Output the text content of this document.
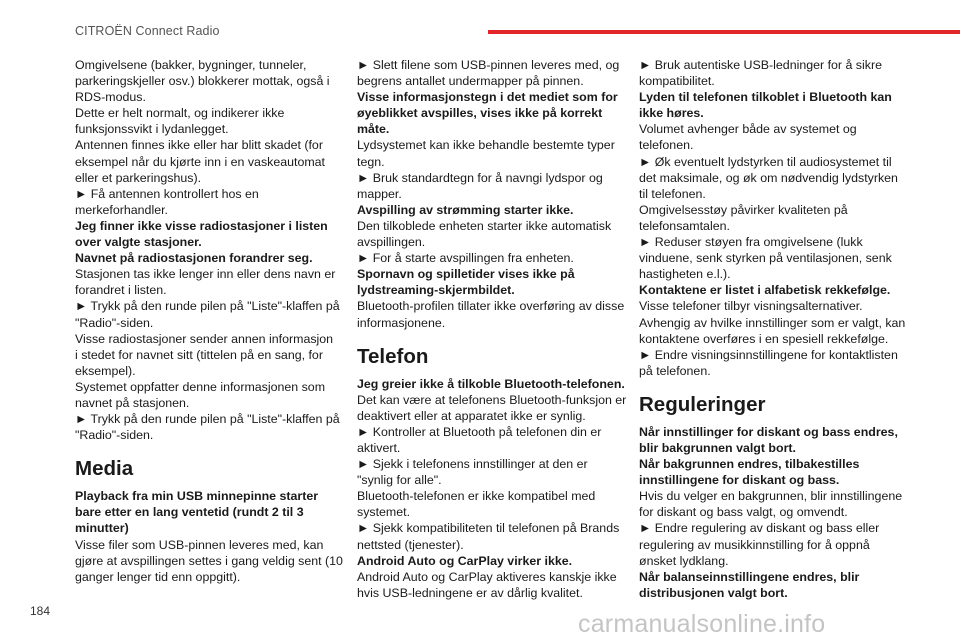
CITROËN Connect Radio

Omgivelsene (bakker, bygninger, tunneler,

parkeringskjeller osv.) blokkerer mottak, også i

RDS-modus.

Dette er helt normalt, og indikerer ikke

funksjonssvikt i lydanlegget.

Antennen finnes ikke eller har blitt skadet (for

eksempel når du kjørte inn i en vaskeautomat

eller et parkeringshus).

► Få antennen kontrollert hos en

merkeforhandler.

Jeg finner ikke visse radiostasjoner i listen

over valgte stasjoner.

Navnet på radiostasjonen forandrer seg.

Stasjonen tas ikke lenger inn eller dens navn er

forandret i listen.

► Trykk på den runde pilen på "Liste"-klaffen på

"Radio"-siden.

Visse radiostasjoner sender annen informasjon

i stedet for navnet sitt (tittelen på en sang, for

eksempel).

Systemet oppfatter denne informasjonen som

navnet på stasjonen.

► Trykk på den runde pilen på "Liste"-klaffen på

"Radio"-siden.

Media

Playback fra min USB minnepinne starter

bare etter en lang ventetid (rundt 2 til 3

minutter)

Visse filer som USB-pinnen leveres med, kan

gjøre at avspillingen settes i gang veldig sent (10

ganger lenger tid enn oppgitt).

► Slett filene som USB-pinnen leveres med, og

begrens antallet undermapper på pinnen.

Visse informasjonstegn i det mediet som for

øyeblikket avspilles, vises ikke på korrekt

måte.

Lydsystemet kan ikke behandle bestemte typer

tegn.

► Bruk standardtegn for å navngi lydspor og

mapper.

Avspilling av strømming starter ikke.

Den tilkoblede enheten starter ikke automatisk

avspillingen.

► For å starte avspillingen fra enheten.

Spornavn og spilletider vises ikke på

lydstreaming-skjermbildet.

Bluetooth-profilen tillater ikke overføring av disse

informasjonene.

Telefon

Jeg greier ikke å tilkoble Bluetooth-telefonen.

Det kan være at telefonens Bluetooth-funksjon er

deaktivert eller at apparatet ikke er synlig.

► Kontroller at Bluetooth på telefonen din er

aktivert.

► Sjekk i telefonens innstillinger at den er

"synlig for alle".

Bluetooth-telefonen er ikke kompatibel med

systemet.

► Sjekk kompatibiliteten til telefonen på Brands

nettsted (tjenester).

Android Auto og CarPlay virker ikke.

Android Auto og CarPlay aktiveres kanskje ikke

hvis USB-ledningene er av dårlig kvalitet.

► Bruk autentiske USB-ledninger for å sikre

kompatibilitet.

Lyden til telefonen tilkoblet i Bluetooth kan

ikke høres.

Volumet avhenger både av systemet og

telefonen.

► Øk eventuelt lydstyrken til audiosystemet til

det maksimale, og øk om nødvendig lydstyrken

til telefonen.

Omgivelsesstøy påvirker kvaliteten på

telefonsamtalen.

► Reduser støyen fra omgivelsene (lukk

vinduene, senk styrken på ventilasjonen, senk

hastigheten e.l.).

Kontaktene er listet i alfabetisk rekkefølge.

Visse telefoner tilbyr visningsalternativer.

Avhengig av hvilke innstillinger som er valgt, kan

kontaktene overføres i en spesiell rekkefølge.

► Endre visningsinnstillingene for kontaktlisten

på telefonen.

Reguleringer

Når innstillinger for diskant og bass endres,

blir bakgrunnen valgt bort.

Når bakgrunnen endres, tilbakestilles

innstillingene for diskant og bass.

Hvis du velger en bakgrunnen, blir innstillingene

for diskant og bass valgt, og omvendt.

► Endre regulering av diskant og bass eller

regulering av musikkinnstilling for å oppnå

ønsket lydklang.

Når balanseinnstillingene endres, blir

distribusjonen valgt bort.

184	carmanualsonline.info
